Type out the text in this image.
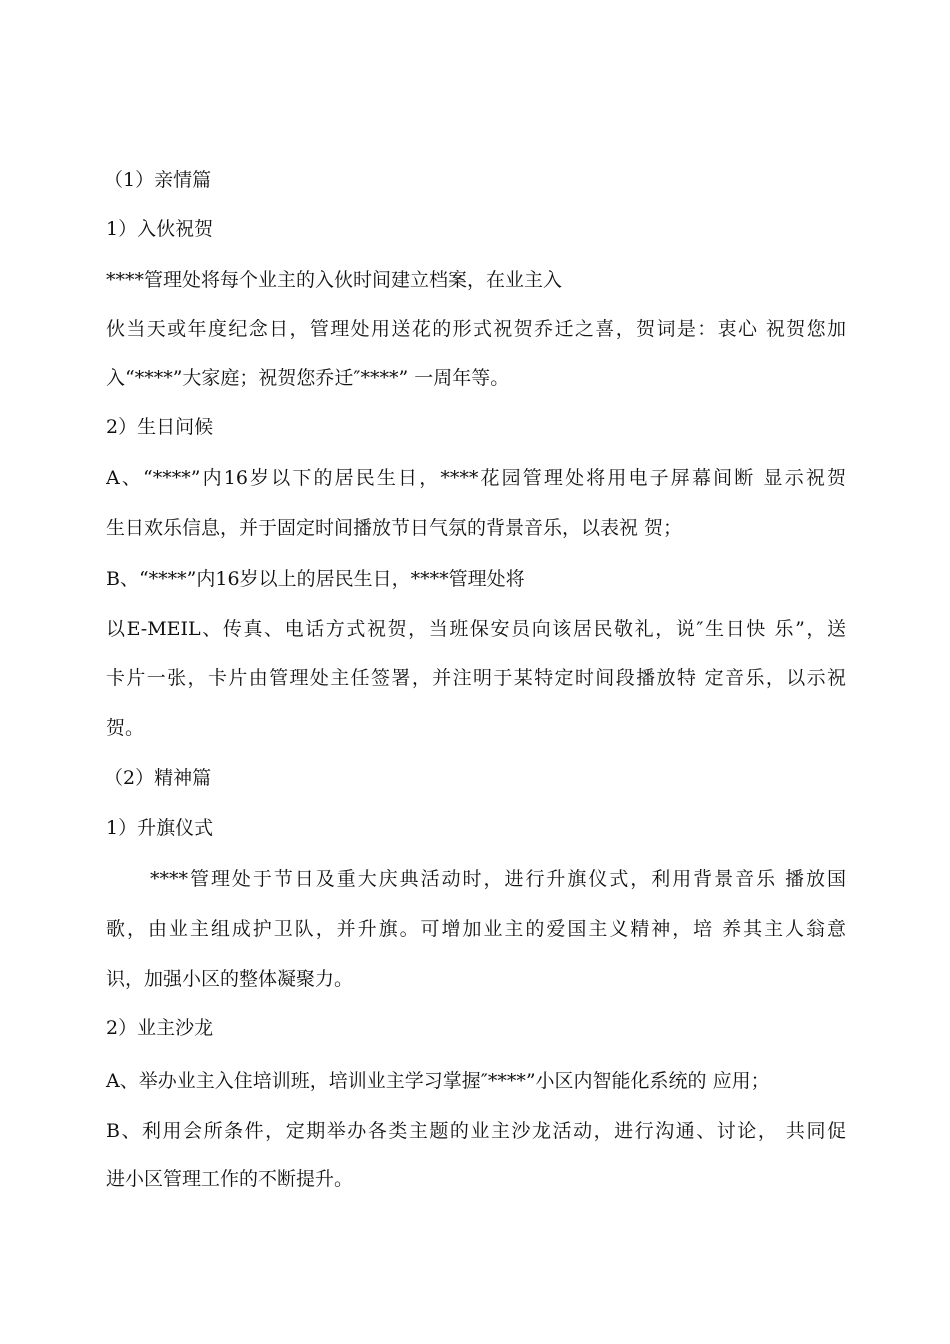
（1）亲情篇
1）入伙祝贺
****管理处将每个业主的入伙时间建立档案，在业主入
伙当天或年度纪念日，管理处用送花的形式祝贺乔迁之喜，贺词是：衷心 祝贺您加
入“****”大家庭；祝贺您乔迁″****” 一周年等。
2）生日问候
A、“****”内16岁以下的居民生日，****花园管理处将用电子屏幕间断 显示祝贺
生日欢乐信息，并于固定时间播放节日气氛的背景音乐，以表祝 贺；
B、“****”内16岁以上的居民生日，****管理处将
以E-MEIL、传真、电话方式祝贺，当班保安员向该居民敬礼，说″生日快 乐”，送
卡片一张，卡片由管理处主任签署，并注明于某特定时间段播放特 定音乐，以示祝
贺。
（2）精神篇
1）升旗仪式
****管理处于节日及重大庆典活动时，进行升旗仪式，利用背景音乐 播放国
歌，由业主组成护卫队，并升旗。可增加业主的爱国主义精神，培 养其主人翁意
识，加强小区的整体凝聚力。
2）业主沙龙
A、举办业主入住培训班，培训业主学习掌握″****”小区内智能化系统的 应用；
B、利用会所条件，定期举办各类主题的业主沙龙活动，进行沟通、讨论， 共同促
进小区管理工作的不断提升。
